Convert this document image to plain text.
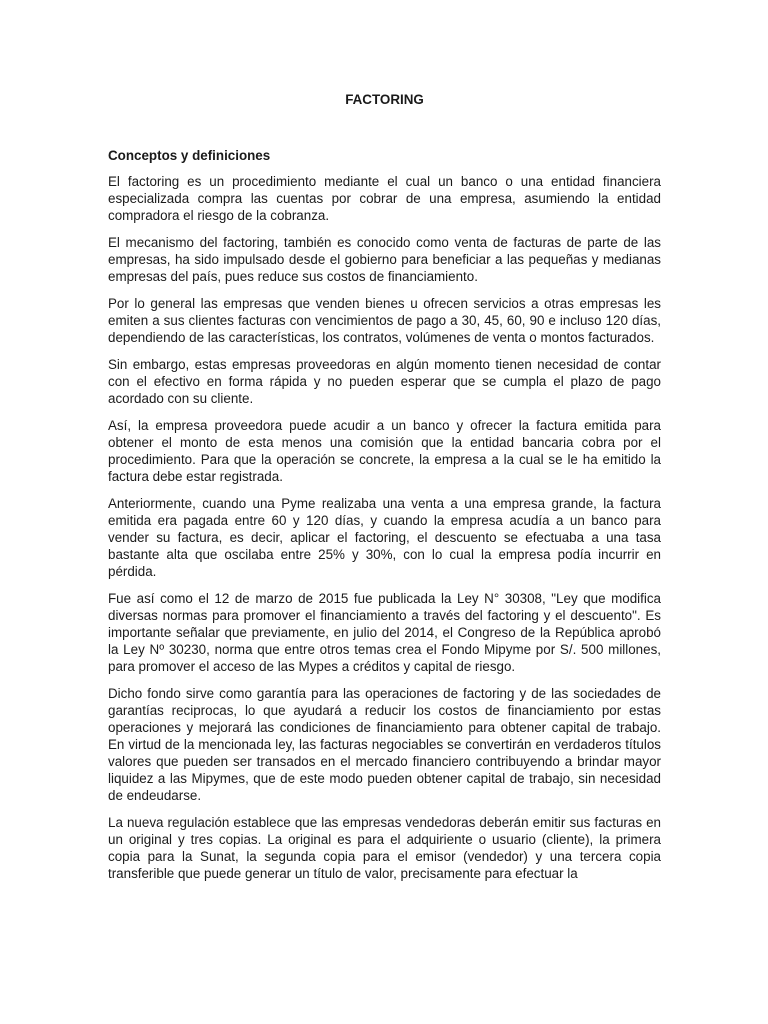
FACTORING
Conceptos y definiciones

El factoring es un procedimiento mediante el cual un banco o una entidad financiera especializada compra las cuentas por cobrar de una empresa, asumiendo la entidad compradora el riesgo de la cobranza.

El mecanismo del factoring, también es conocido como venta de facturas de parte de las empresas, ha sido impulsado desde el gobierno para beneficiar a las pequeñas y medianas empresas del país, pues reduce sus costos de financiamiento.

Por lo general las empresas que venden bienes u ofrecen servicios a otras empresas les emiten a sus clientes facturas con vencimientos de pago a 30, 45, 60, 90 e incluso 120 días, dependiendo de las características, los contratos, volúmenes de venta o montos facturados.

Sin embargo, estas empresas proveedoras en algún momento tienen necesidad de contar con el efectivo en forma rápida y no pueden esperar que se cumpla el plazo de pago acordado con su cliente.

Así, la empresa proveedora puede acudir a un banco y ofrecer la factura emitida para obtener el monto de esta menos una comisión que la entidad bancaria cobra por el procedimiento. Para que la operación se concrete, la empresa a la cual se le ha emitido la factura debe estar registrada.

Anteriormente, cuando una Pyme realizaba una venta a una empresa grande, la factura emitida era pagada entre 60 y 120 días, y cuando la empresa acudía a un banco para vender su factura, es decir, aplicar el factoring, el descuento se efectuaba a una tasa bastante alta que oscilaba entre 25% y 30%, con lo cual la empresa podía incurrir en pérdida.

Fue así como el 12 de marzo de 2015 fue publicada la Ley N° 30308, "Ley que modifica diversas normas para promover el financiamiento a través del factoring y el descuento". Es importante señalar que previamente, en julio del 2014, el Congreso de la República aprobó la Ley Nº 30230, norma que entre otros temas crea el Fondo Mipyme por S/. 500 millones, para promover el acceso de las Mypes a créditos y capital de riesgo.

Dicho fondo sirve como garantía para las operaciones de factoring y de las sociedades de garantías reciprocas, lo que ayudará a reducir los costos de financiamiento por estas operaciones y mejorará las condiciones de financiamiento para obtener capital de trabajo. En virtud de la mencionada ley, las facturas negociables se convertirán en verdaderos títulos valores que pueden ser transados en el mercado financiero contribuyendo a brindar mayor liquidez a las Mipymes, que de este modo pueden obtener capital de trabajo, sin necesidad de endeudarse.

La nueva regulación establece que las empresas vendedoras deberán emitir sus facturas en un original y tres copias. La original es para el adquiriente o usuario (cliente), la primera copia para la Sunat, la segunda copia para el emisor (vendedor) y una tercera copia transferible que puede generar un título de valor, precisamente para efectuar la
